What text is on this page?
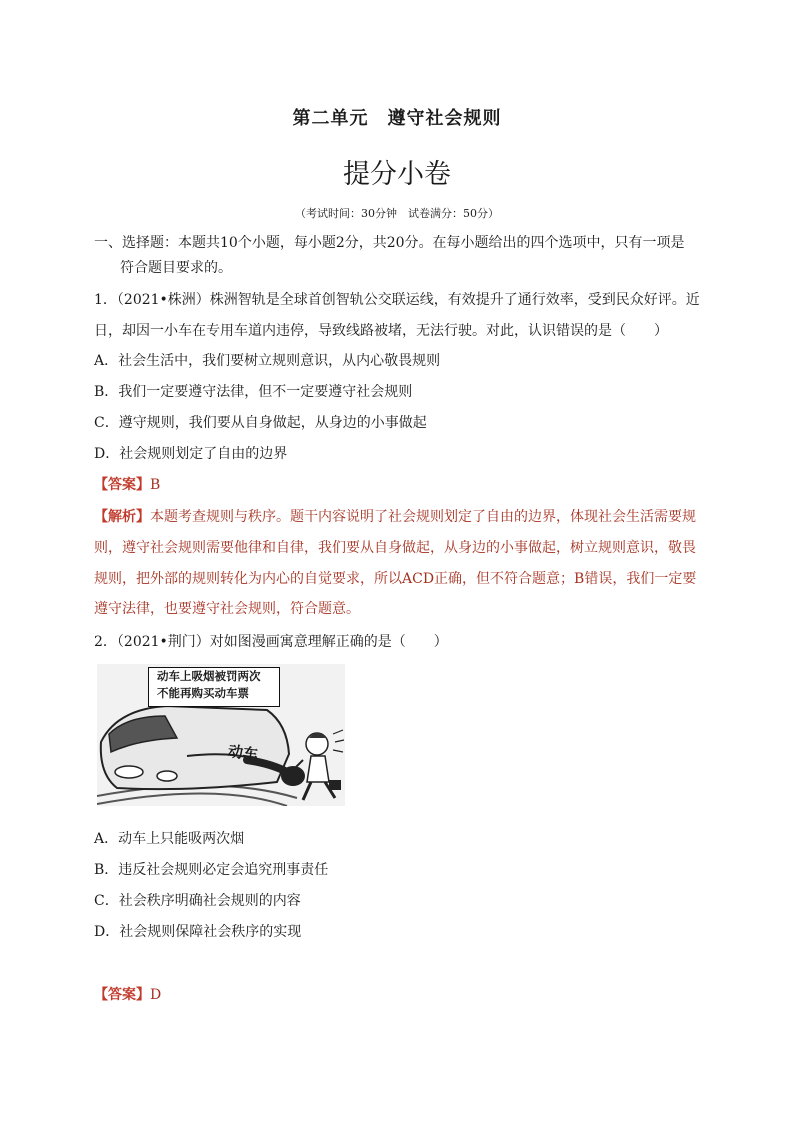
第二单元　遵守社会规则
提分小卷
（考试时间：30分钟　试卷满分：50分）
一、选择题：本题共10个小题，每小题2分，共20分。在每小题给出的四个选项中，只有一项是
符合题目要求的。
1．（2021•株洲）株洲智轨是全球首创智轨公交联运线，有效提升了通行效率，受到民众好评。近
日，却因一小车在专用车道内违停，导致线路被堵，无法行驶。对此，认识错误的是（　　）
A．社会生活中，我们要树立规则意识，从内心敬畏规则
B．我们一定要遵守法律，但不一定要遵守社会规则
C．遵守规则，我们要从自身做起，从身边的小事做起
D．社会规则划定了自由的边界
【答案】B
【解析】本题考查规则与秩序。题干内容说明了社会规则划定了自由的边界，体现社会生活需要规
则，遵守社会规则需要他律和自律，我们要从自身做起，从身边的小事做起，树立规则意识，敬畏
规则，把外部的规则转化为内心的自觉要求，所以ACD正确，但不符合题意；B错误，我们一定要
遵守法律，也要遵守社会规则，符合题意。
2．（2021•荆门）对如图漫画寓意理解正确的是（　　）
动车上吸烟被罚两次
不能再购买动车票
动车
A．动车上只能吸两次烟
B．违反社会规则必定会追究刑事责任
C．社会秩序明确社会规则的内容
D．社会规则保障社会秩序的实现
【答案】D
